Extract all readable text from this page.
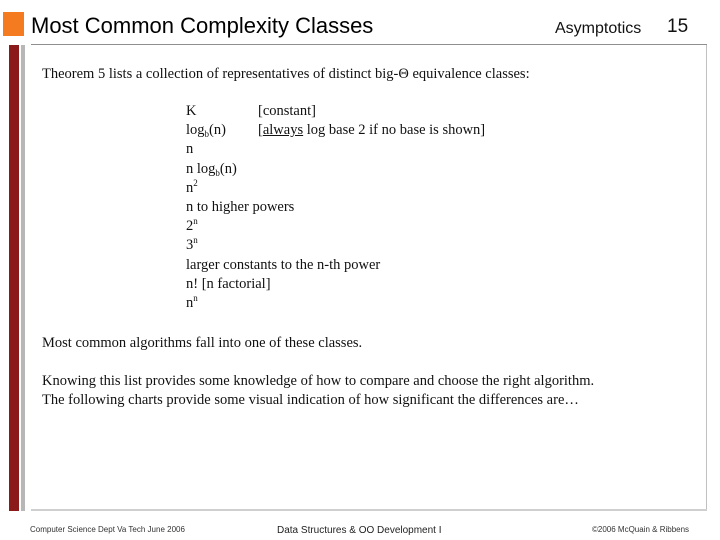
Most Common Complexity Classes	Asymptotics 15
Theorem 5 lists a collection of representatives of distinct big-Θ equivalence classes:
K	[constant]
$\log_b(n)$ [always log base 2 if no base is shown]
n
n $\log_b(n)$
$n^2$
n to higher powers
2$^n$
3$^n$
larger constants to the n-th power
n! [n factorial]
$n^n$
Most common algorithms fall into one of these classes.
Knowing this list provides some knowledge of how to compare and choose the right algorithm.
The following charts provide some visual indication of how significant the differences are…
Computer Science Dept Va Tech June 2006	Data Structures & OO Development I	©2006 McQuain & Ribbens
